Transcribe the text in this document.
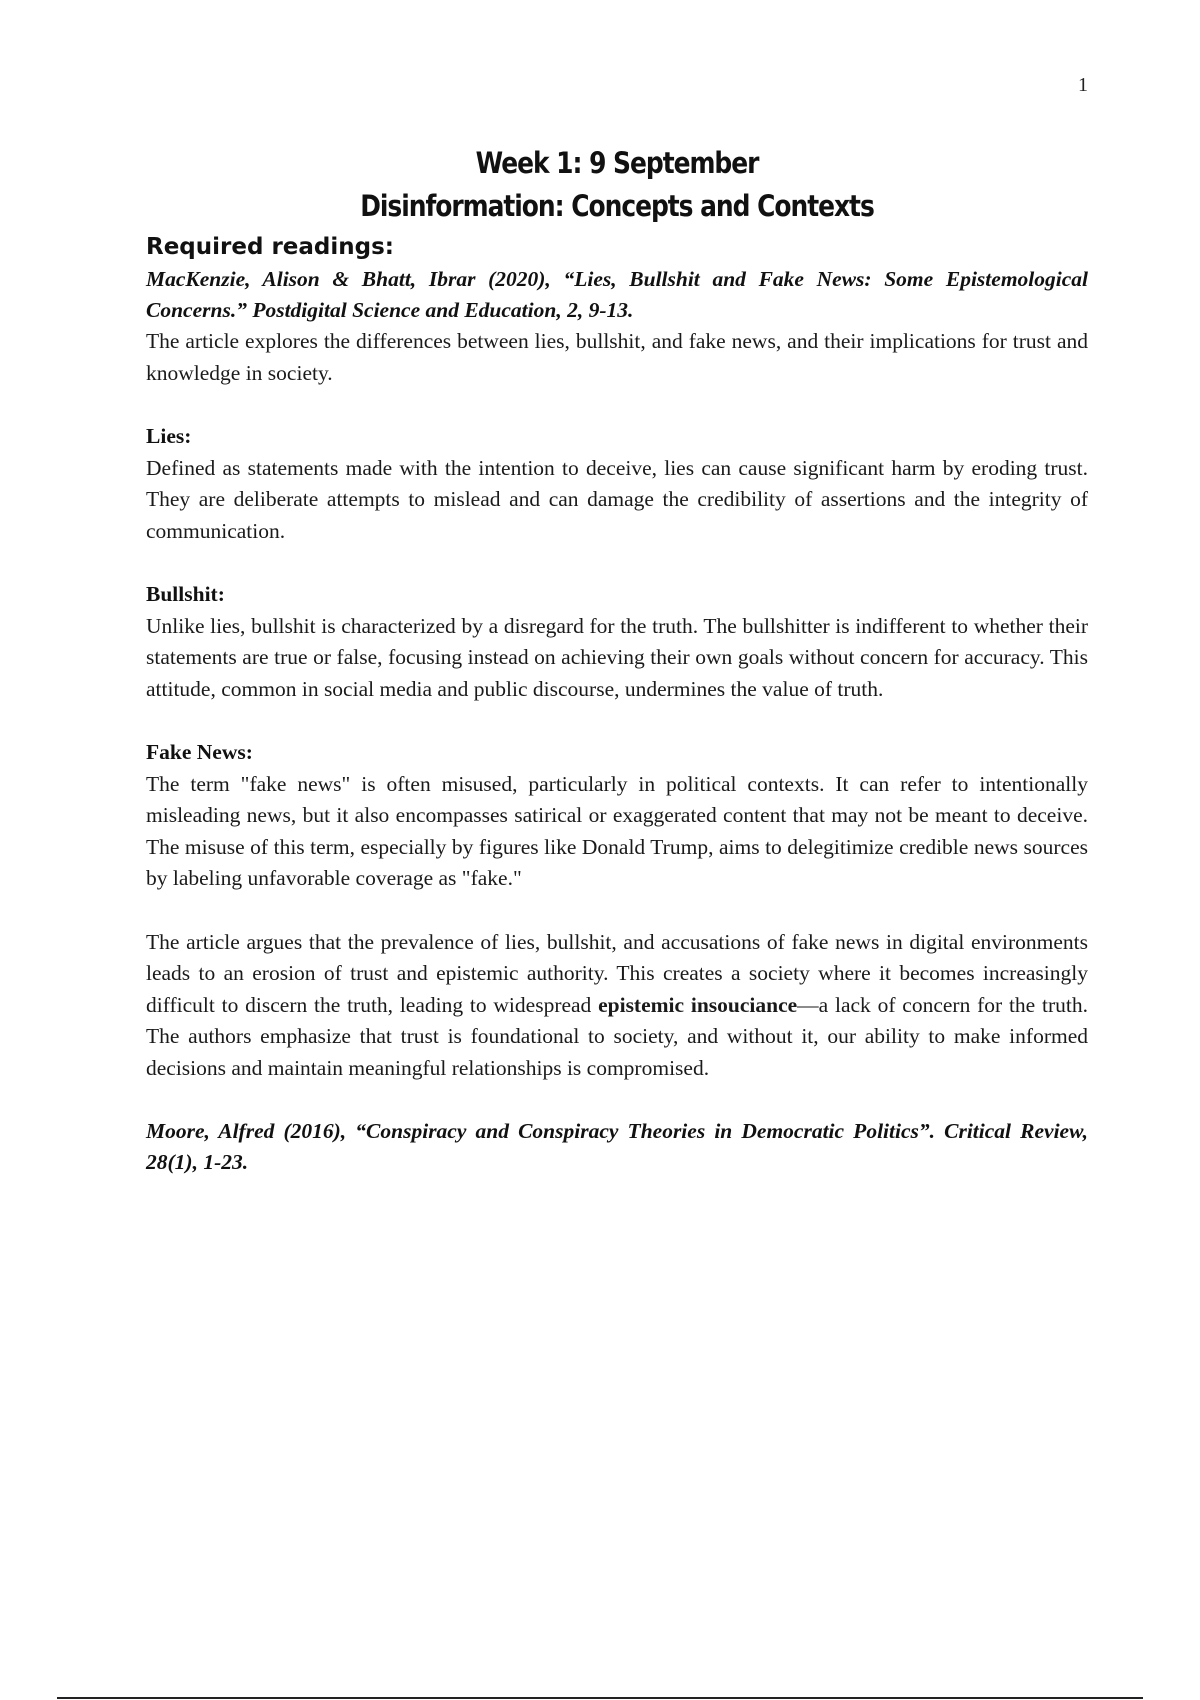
1
Week 1: 9 September
Disinformation: Concepts and Contexts
Required readings:

MacKenzie, Alison & Bhatt, Ibrar (2020), “Lies, Bullshit and Fake News: Some Epistemological Concerns.” Postdigital Science and Education, 2, 9-13.

The article explores the differences between lies, bullshit, and fake news, and their implications for trust and knowledge in society.

Lies:

Defined as statements made with the intention to deceive, lies can cause significant harm by eroding trust. They are deliberate attempts to mislead and can damage the credibility of assertions and the integrity of communication.

Bullshit:

Unlike lies, bullshit is characterized by a disregard for the truth. The bullshitter is indifferent to whether their statements are true or false, focusing instead on achieving their own goals without concern for accuracy. This attitude, common in social media and public discourse, undermines the value of truth.

Fake News:

The term "fake news" is often misused, particularly in political contexts. It can refer to intentionally misleading news, but it also encompasses satirical or exaggerated content that may not be meant to deceive. The misuse of this term, especially by figures like Donald Trump, aims to delegitimize credible news sources by labeling unfavorable coverage as "fake."

The article argues that the prevalence of lies, bullshit, and accusations of fake news in digital environments leads to an erosion of trust and epistemic authority. This creates a society where it becomes increasingly difficult to discern the truth, leading to widespread epistemic insouciance—a lack of concern for the truth. The authors emphasize that trust is foundational to society, and without it, our ability to make informed decisions and maintain meaningful relationships is compromised.

Moore, Alfred (2016), “Conspiracy and Conspiracy Theories in Democratic Politics”. Critical Review, 28(1), 1-23.
